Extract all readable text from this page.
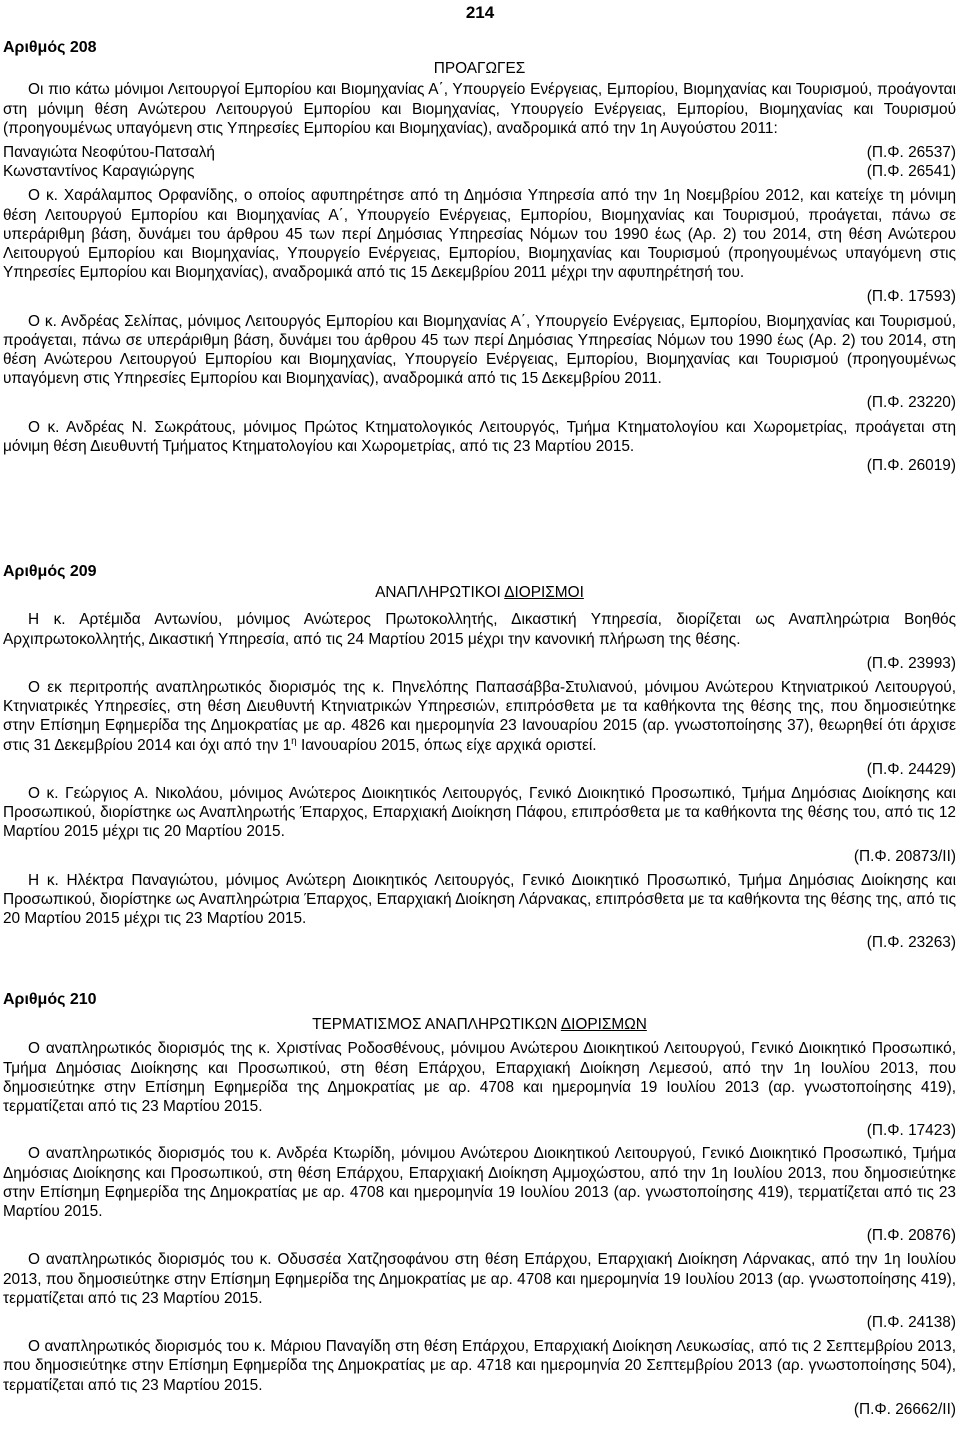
214
Αριθμός 208
ΠΡΟΑΓΩΓΕΣ

Οι πιο κάτω μόνιμοι Λειτουργοί Εμπορίου και Βιομηχανίας Α΄, Υπουργείο Ενέργειας, Εμπορίου, Βιομηχανίας και Τουρισμού, προάγονται στη μόνιμη θέση Ανώτερου Λειτουργού Εμπορίου και Βιομηχανίας, Υπουργείο Ενέργειας, Εμπορίου, Βιομηχανίας και Τουρισμού (προηγουμένως υπαγόμενη στις Υπηρεσίες Εμπορίου και Βιομηχανίας), αναδρομικά από την 1η Αυγούστου 2011:

Παναγιώτα Νεοφύτου-Πατσαλή	(Π.Φ. 26537)
Κωνσταντίνος Καραγιώργης	(Π.Φ. 26541)

Ο κ. Χαράλαμπος Ορφανίδης, ο οποίος αφυπηρέτησε από τη Δημόσια Υπηρεσία από την 1η Νοεμβρίου 2012, και κατείχε τη μόνιμη θέση Λειτουργού Εμπορίου και Βιομηχανίας Α΄, Υπουργείο Ενέργειας, Εμπορίου, Βιομηχανίας και Τουρισμού, προάγεται, πάνω σε υπεράριθμη βάση, δυνάμει του άρθρου 45 των περί Δημόσιας Υπηρεσίας Νόμων του 1990 έως (Αρ. 2) του 2014, στη θέση Ανώτερου Λειτουργού Εμπορίου και Βιομηχανίας, Υπουργείο Ενέργειας, Εμπορίου, Βιομηχανίας και Τουρισμού (προηγουμένως υπαγόμενη στις Υπηρεσίες Εμπορίου και Βιομηχανίας), αναδρομικά από τις 15 Δεκεμβρίου 2011 μέχρι την αφυπηρέτησή του.

(Π.Φ. 17593)

Ο κ. Ανδρέας Σελίπας, μόνιμος Λειτουργός Εμπορίου και Βιομηχανίας Α΄, Υπουργείο Ενέργειας, Εμπορίου, Βιομηχανίας και Τουρισμού, προάγεται, πάνω σε υπεράριθμη βάση, δυνάμει του άρθρου 45 των περί Δημόσιας Υπηρεσίας Νόμων του 1990 έως (Αρ. 2) του 2014, στη θέση Ανώτερου Λειτουργού Εμπορίου και Βιομηχανίας, Υπουργείο Ενέργειας, Εμπορίου, Βιομηχανίας και Τουρισμού (προηγουμένως υπαγόμενη στις Υπηρεσίες Εμπορίου και Βιομηχανίας), αναδρομικά από τις 15 Δεκεμβρίου 2011.

(Π.Φ. 23220)

Ο κ. Ανδρέας Ν. Σωκράτους, μόνιμος Πρώτος Κτηματολογικός Λειτουργός, Τμήμα Κτηματολογίου και Χωρομετρίας, προάγεται στη μόνιμη θέση Διευθυντή Τμήματος Κτηματολογίου και Χωρομετρίας, από τις 23 Μαρτίου 2015.

(Π.Φ. 26019)
Αριθμός 209
ΑΝΑΠΛΗΡΩΤΙΚΟΙ ΔΙΟΡΙΣΜΟΙ

Η κ. Αρτέμιδα Αντωνίου, μόνιμος Ανώτερος Πρωτοκολλητής, Δικαστική Υπηρεσία, διορίζεται ως Αναπληρώτρια Βοηθός Αρχιπρωτοκολλητής, Δικαστική Υπηρεσία, από τις 24 Μαρτίου 2015 μέχρι την κανονική πλήρωση της θέσης.

(Π.Φ. 23993)

Ο εκ περιτροπής αναπληρωτικός διορισμός της κ. Πηνελόπης Παπασάββα-Στυλιανού, μόνιμου Ανώτερου Κτηνιατρικού Λειτουργού, Κτηνιατρικές Υπηρεσίες, στη θέση Διευθυντή Κτηνιατρικών Υπηρεσιών, επιπρόσθετα με τα καθήκοντα της θέσης της, που δημοσιεύτηκε στην Επίσημη Εφημερίδα της Δημοκρατίας με αρ. 4826 και ημερομηνία 23 Ιανουαρίου 2015 (αρ. γνωστοποίησης 37), θεωρηθεί ότι άρχισε στις 31 Δεκεμβρίου 2014 και όχι από την $1^\eta$ Ιανουαρίου 2015, όπως είχε αρχικά οριστεί.

(Π.Φ. 24429)

Ο κ. Γεώργιος Α. Νικολάου, μόνιμος Ανώτερος Διοικητικός Λειτουργός, Γενικό Διοικητικό Προσωπικό, Τμήμα Δημόσιας Διοίκησης και Προσωπικού, διορίστηκε ως Αναπληρωτής Έπαρχος, Επαρχιακή Διοίκηση Πάφου, επιπρόσθετα με τα καθήκοντα της θέσης του, από τις 12 Μαρτίου 2015 μέχρι τις 20 Μαρτίου 2015.

(Π.Φ. 20873/ΙΙ)

Η κ. Ηλέκτρα Παναγιώτου, μόνιμος Ανώτερη Διοικητικός Λειτουργός, Γενικό Διοικητικό Προσωπικό, Τμήμα Δημόσιας Διοίκησης και Προσωπικού, διορίστηκε ως Αναπληρώτρια Έπαρχος, Επαρχιακή Διοίκηση Λάρνακας, επιπρόσθετα με τα καθήκοντα της θέσης της, από τις 20 Μαρτίου 2015 μέχρι τις 23 Μαρτίου 2015.

(Π.Φ. 23263)
Αριθμός 210
ΤΕΡΜΑΤΙΣΜΟΣ ΑΝΑΠΛΗΡΩΤΙΚΩΝ ΔΙΟΡΙΣΜΩΝ

Ο αναπληρωτικός διορισμός της κ. Χριστίνας Ροδοσθένους, μόνιμου Ανώτερου Διοικητικού Λειτουργού, Γενικό Διοικητικό Προσωπικό, Τμήμα Δημόσιας Διοίκησης και Προσωπικού, στη θέση Επάρχου, Επαρχιακή Διοίκηση Λεμεσού, από την 1η Ιουλίου 2013, που δημοσιεύτηκε στην Επίσημη Εφημερίδα της Δημοκρατίας με αρ. 4708 και ημερομηνία 19 Ιουλίου 2013 (αρ. γνωστοποίησης 419), τερματίζεται από τις 23 Μαρτίου 2015.

(Π.Φ. 17423)

Ο αναπληρωτικός διορισμός του κ. Ανδρέα Κτωρίδη, μόνιμου Ανώτερου Διοικητικού Λειτουργού, Γενικό Διοικητικό Προσωπικό, Τμήμα Δημόσιας Διοίκησης και Προσωπικού, στη θέση Επάρχου, Επαρχιακή Διοίκηση Αμμοχώστου, από την 1η Ιουλίου 2013, που δημοσιεύτηκε στην Επίσημη Εφημερίδα της Δημοκρατίας με αρ. 4708 και ημερομηνία 19 Ιουλίου 2013 (αρ. γνωστοποίησης 419), τερματίζεται από τις 23 Μαρτίου 2015.

(Π.Φ. 20876)

Ο αναπληρωτικός διορισμός του κ. Οδυσσέα Χατζησοφάνου στη θέση Επάρχου, Επαρχιακή Διοίκηση Λάρνακας, από την 1η Ιουλίου 2013, που δημοσιεύτηκε στην Επίσημη Εφημερίδα της Δημοκρατίας με αρ. 4708 και ημερομηνία 19 Ιουλίου 2013 (αρ. γνωστοποίησης 419), τερματίζεται από τις 23 Μαρτίου 2015.

(Π.Φ. 24138)

Ο αναπληρωτικός διορισμός του κ. Μάριου Παναγίδη στη θέση Επάρχου, Επαρχιακή Διοίκηση Λευκωσίας, από τις 2 Σεπτεμβρίου 2013, που δημοσιεύτηκε στην Επίσημη Εφημερίδα της Δημοκρατίας με αρ. 4718 και ημερομηνία 20 Σεπτεμβρίου 2013 (αρ. γνωστοποίησης 504), τερματίζεται από τις 23 Μαρτίου 2015.

(Π.Φ. 26662/ΙΙ)
